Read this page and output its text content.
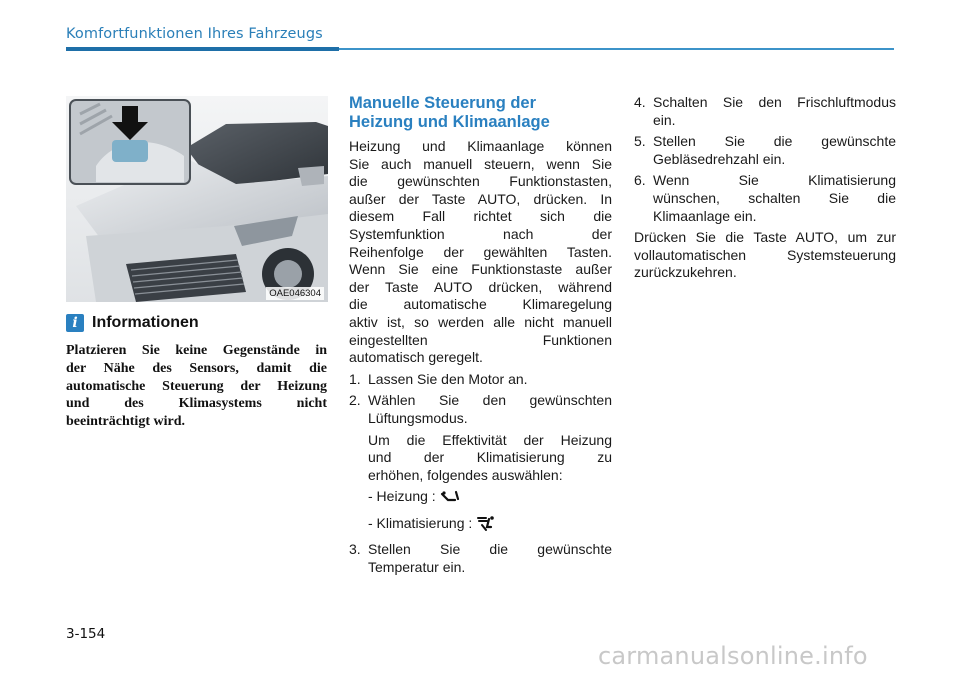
Komfortfunktionen Ihres Fahrzeugs
OAE046304
i Informationen
Platzieren Sie keine Gegenstände in
der Nähe des Sensors, damit die
automatische Steuerung der Heizung
und des Klimasystems nicht
beeinträchtigt wird.
Manuelle Steuerung der
Heizung und Klimaanlage

Heizung und Klimaanlage können
Sie auch manuell steuern, wenn Sie
die gewünschten Funktionstasten,
außer der Taste AUTO, drücken. In
diesem Fall richtet sich die
Systemfunktion nach der
Reihenfolge der gewählten Tasten.
Wenn Sie eine Funktionstaste außer
der Taste AUTO drücken, während
die automatische Klimaregelung
aktiv ist, so werden alle nicht manuell
eingestellten Funktionen
automatisch geregelt.

1. Lassen Sie den Motor an.
2. Wählen Sie den gewünschten
Lüftungsmodus.

Um die Effektivität der Heizung
und der Klimatisierung zu
erhöhen, folgendes auswählen:

- Heizung :

- Klimatisierung :

3. Stellen Sie die gewünschte
Temperatur ein.
4. Schalten Sie den Frischluftmodus
ein.
5. Stellen Sie die gewünschte
Gebläsedrehzahl ein.
6. Wenn Sie Klimatisierung
wünschen, schalten Sie die
Klimaanlage ein.

Drücken Sie die Taste AUTO, um zur
vollautomatischen Systemsteuerung
zurückzukehren.

3-154
carmanualsonline.info
